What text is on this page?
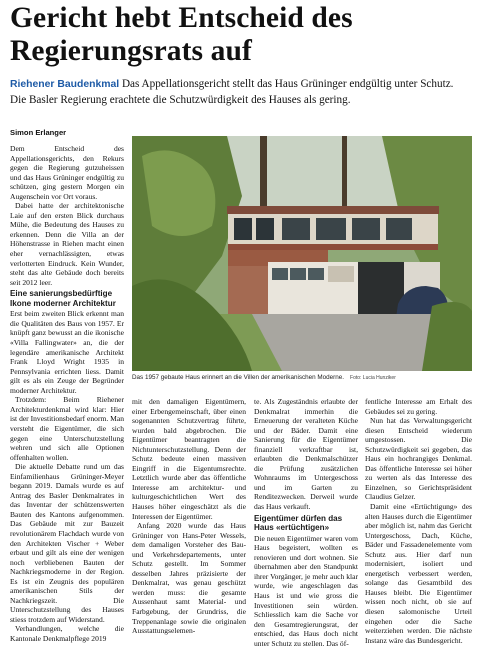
Gericht hebt Entscheid des Regierungsrats auf

Riehener Baudenkmal Das Appellationsgericht stellt das Haus Grüninger endgültig unter Schutz. Die Basler Regierung erachtete die Schutzwürdigkeit des Hauses als gering.

Simon Erlanger

Dem Entscheid des Appellationsgerichts, den Rekurs gegen die Regierung gutzuheissen und das Haus Grüninger endgültig zu schützen, ging gestern Morgen ein Augenschein vor Ort voraus.

Dabei hatte der architektonische Laie auf den ersten Blick durchaus Mühe, die Bedeutung des Hauses zu erkennen. Denn die Villa an der Höhenstrasse in Riehen macht einen eher vernachlässigten, etwas verlotterten Eindruck. Kein Wunder, steht das alte Gebäude doch bereits seit 2012 leer.

Eine sanierungsbedürftige Ikone moderner Architektur

Erst beim zweiten Blick erkennt man die Qualitäten des Baus von 1957. Er knüpft ganz bewusst an die ikonische «Villa Fallingwater» an, die der legendäre amerikanische Architekt Frank Lloyd Wright 1935 in Pennsylvania errichten liess. Damit gilt es als ein Zeuge der Begründer moderner Architektur.

Trotzdem: Beim Riehener Architekturdenkmal wird klar: Hier ist der Investitionsbedarf enorm. Man versteht die Eigentümer, die sich gegen eine Unterschutzstellung wehren und sich alle Optionen offenhalten wollen.

Die aktuelle Debatte rund um das Einfamilienhaus Grüninger-Meyer begann 2019. Damals wurde es auf Antrag des Basler Denkmalrates in das Inventar der schützenswerten Bauten des Kantons aufgenommen. Das Gebäude mit zur Bauzeit revolutionärem Flachdach wurde von den Architekten Vischer + Weber erbaut und gilt als eine der wenigen noch verbliebenen Bauten der Nachkriegsmoderne in der Region. Es ist ein Zeugnis des populären amerikanischen Stils der Nachkriegszeit. Die Unterschutzstellung des Hauses stiess trotzdem auf Widerstand.

Verhandlungen, welche die Kantonale Denkmalpflege 2019

Das 1957 gebaute Haus erinnert an die Villen der amerikanischen Moderne. Foto: Lucia Hunziker

mit den damaligen Eigentümern, einer Erbengemeinschaft, über einen sogenannten Schutzvertrag führte, wurden bald abgebrochen. Die Eigentümer beantragten die Nichtunterschutzstellung. Denn der Schutz bedeute einen massiven Eingriff in die Eigentumsrechte. Letztlich wurde aber das öffentliche Interesse am architektur- und kulturgeschichtlichen Wert des Hauses höher eingeschätzt als die Interessen der Eigentümer.

Anfang 2020 wurde das Haus Grüninger von Hans-Peter Wessels, dem damaligen Vorsteher des Bau- und Verkehrsdepartements, unter Schutz gestellt. Im Sommer desselben Jahres präzisierte der Denkmalrat, was genau geschützt werden muss: die gesamte Aussenhaut samt Material- und Farbgebung, der Grundriss, die Treppenanlage sowie die originalen Ausstattungselemen-

te. Als Zugeständnis erlaubte der Denkmalrat immerhin die Erneuerung der veralteten Küche und der Bäder. Damit eine Sanierung für die Eigentümer finanziell verkraftbar ist, erlaubten die Denkmalschützer die Prüfung zusätzlichen Wohnraums im Untergeschoss und im Garten zu Renditezwecken. Derweil wurde das Haus verkauft.

Eigentümer dürfen das Haus «ertüchtigen»

Die neuen Eigentümer waren vom Haus begeistert, wollten es renovieren und dort wohnen. Sie übernahmen aber den Standpunkt ihrer Vorgänger, je mehr auch klar wurde, wie angeschlagen das Haus ist und wie gross die Investitionen sein würden. Schliesslich kam die Sache vor den Gesamtregierungsrat, der entschied, das Haus doch nicht unter Schutz zu stellen. Das öf-

fentliche Interesse am Erhalt des Gebäudes sei zu gering.

Nun hat das Verwaltungsgericht diesen Entscheid wiederum umgestossen. Die Schutzwürdigkeit sei gegeben, das Haus ein hochrangiges Denkmal. Das öffentliche Interesse sei höher zu werten als das Interesse des Einzelnen, so Gerichtspräsident Claudius Gelzer.

Damit eine «Ertüchtigung» des alten Hauses durch die Eigentümer aber möglich ist, nahm das Gericht Untergeschoss, Dach, Küche, Bäder und Fassadenelemente vom Schutz aus. Hier darf nun modernisiert, isoliert und energetisch verbessert werden, solange das Gesamtbild des Hauses bleibt. Die Eigentümer wissen noch nicht, ob sie auf diesen salomonische Urteil eingehen oder die Sache weiterziehen werden. Die nächste Instanz wäre das Bundesgericht.
